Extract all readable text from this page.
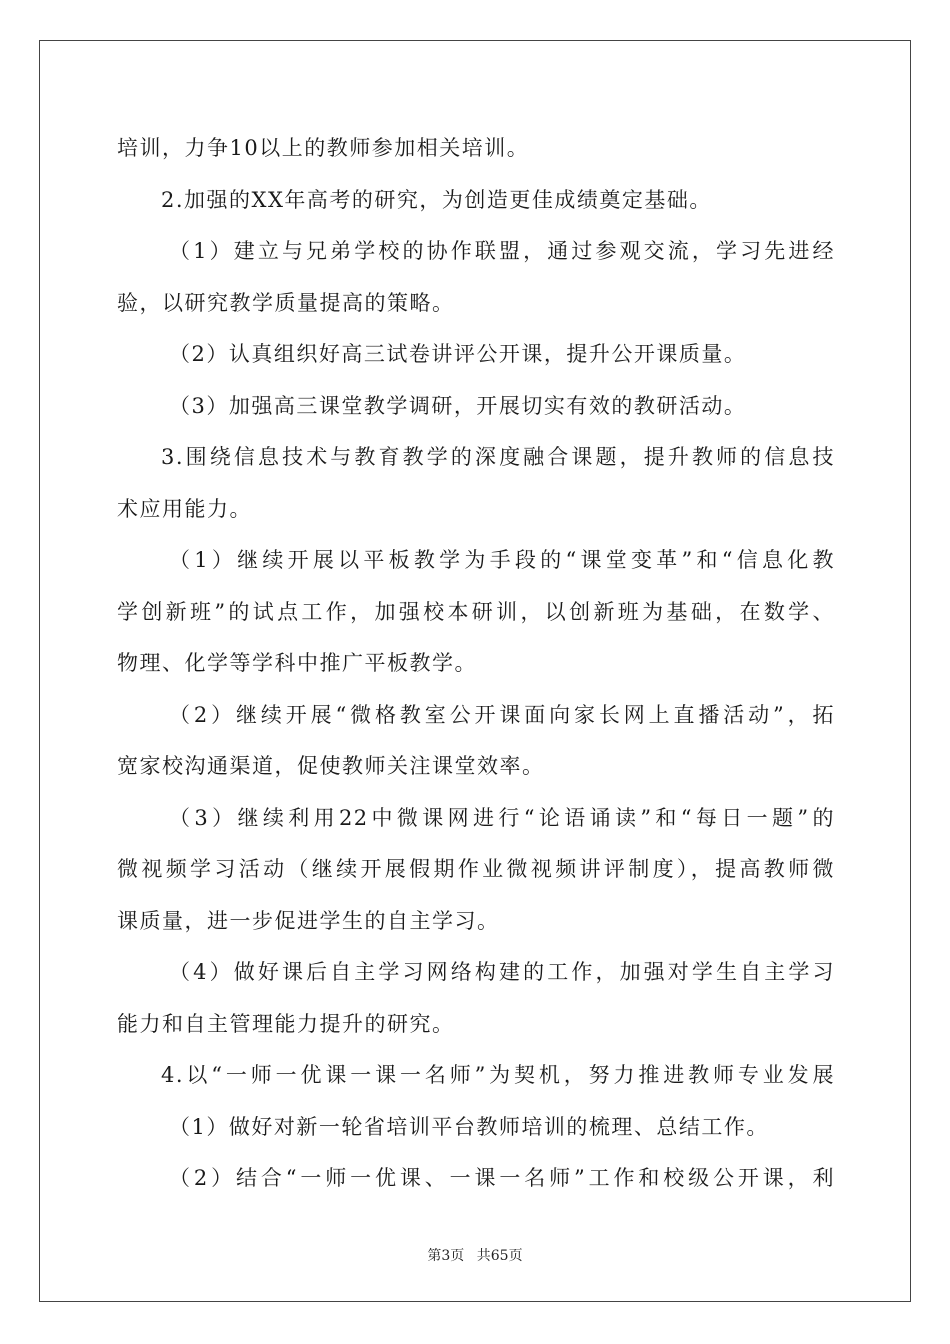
培训，力争10以上的教师参加相关培训。
2.加强的XX年高考的研究，为创造更佳成绩奠定基础。
（1）建立与兄弟学校的协作联盟，通过参观交流，学习先进经
验，以研究教学质量提高的策略。
（2）认真组织好高三试卷讲评公开课，提升公开课质量。
（3）加强高三课堂教学调研，开展切实有效的教研活动。
3.围绕信息技术与教育教学的深度融合课题，提升教师的信息技
术应用能力。
（1）继续开展以平板教学为手段的“课堂变革”和“信息化教
学创新班”的试点工作，加强校本研训，以创新班为基础，在数学、
物理、化学等学科中推广平板教学。
（2）继续开展“微格教室公开课面向家长网上直播活动”，拓
宽家校沟通渠道，促使教师关注课堂效率。
（3）继续利用22中微课网进行“论语诵读”和“每日一题”的
微视频学习活动（继续开展假期作业微视频讲评制度），提高教师微
课质量，进一步促进学生的自主学习。
（4）做好课后自主学习网络构建的工作，加强对学生自主学习
能力和自主管理能力提升的研究。
4.以“一师一优课一课一名师”为契机，努力推进教师专业发展
（1）做好对新一轮省培训平台教师培训的梳理、总结工作。
（2）结合“一师一优课、一课一名师”工作和校级公开课，利
第3页 共65页
